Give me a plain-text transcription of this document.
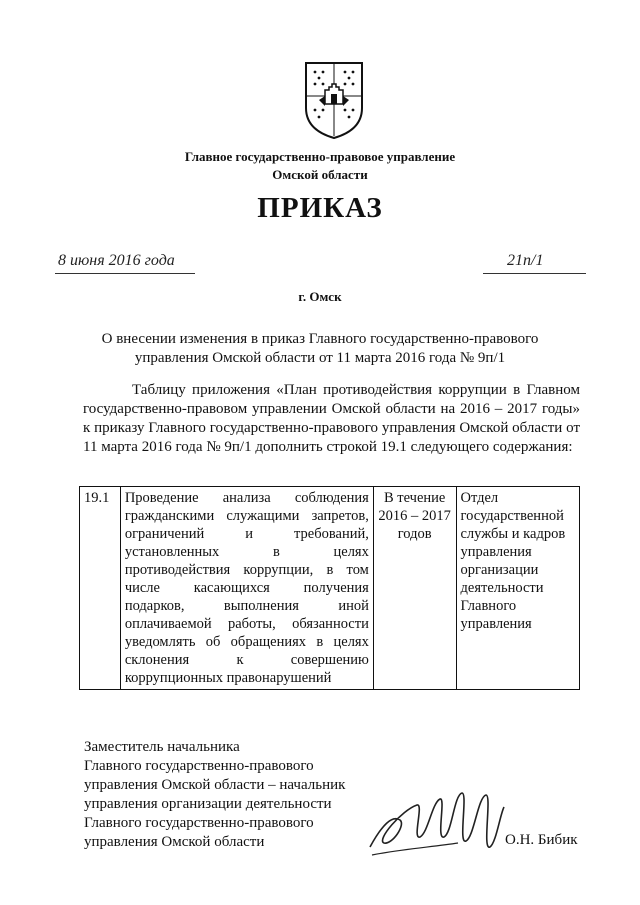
Главное государственно-правовое управление
Омской области
ПРИКАЗ
8 июня 2016 года	21п/1
г. Омск
О внесении изменения в приказ Главного государственно-правового
управления Омской области от 11 марта 2016 года № 9п/1
Таблицу приложения «План противодействия коррупции в Главном государственно-правовом управлении Омской области на 2016 – 2017 годы» к приказу Главного государственно-правового управления Омской области от 11 марта 2016 года № 9п/1 дополнить строкой 19.1 следующего содержания:
19.1	Проведение анализа соблюдения гражданскими служащими запретов, ограничений и требований, установленных в целях противодействия коррупции, в том числе касающихся получения подарков, выполнения иной оплачиваемой работы, обязанности уведомлять об обращениях в целях склонения к совершению коррупционных правонарушений	В течение 2016 – 2017 годов	Отдел государственной службы и кадров управления организации деятельности Главного управления
Заместитель начальника
Главного государственно-правового
управления Омской области – начальник
управления организации деятельности
Главного государственно-правового
управления Омской области	О.Н. Бибик
